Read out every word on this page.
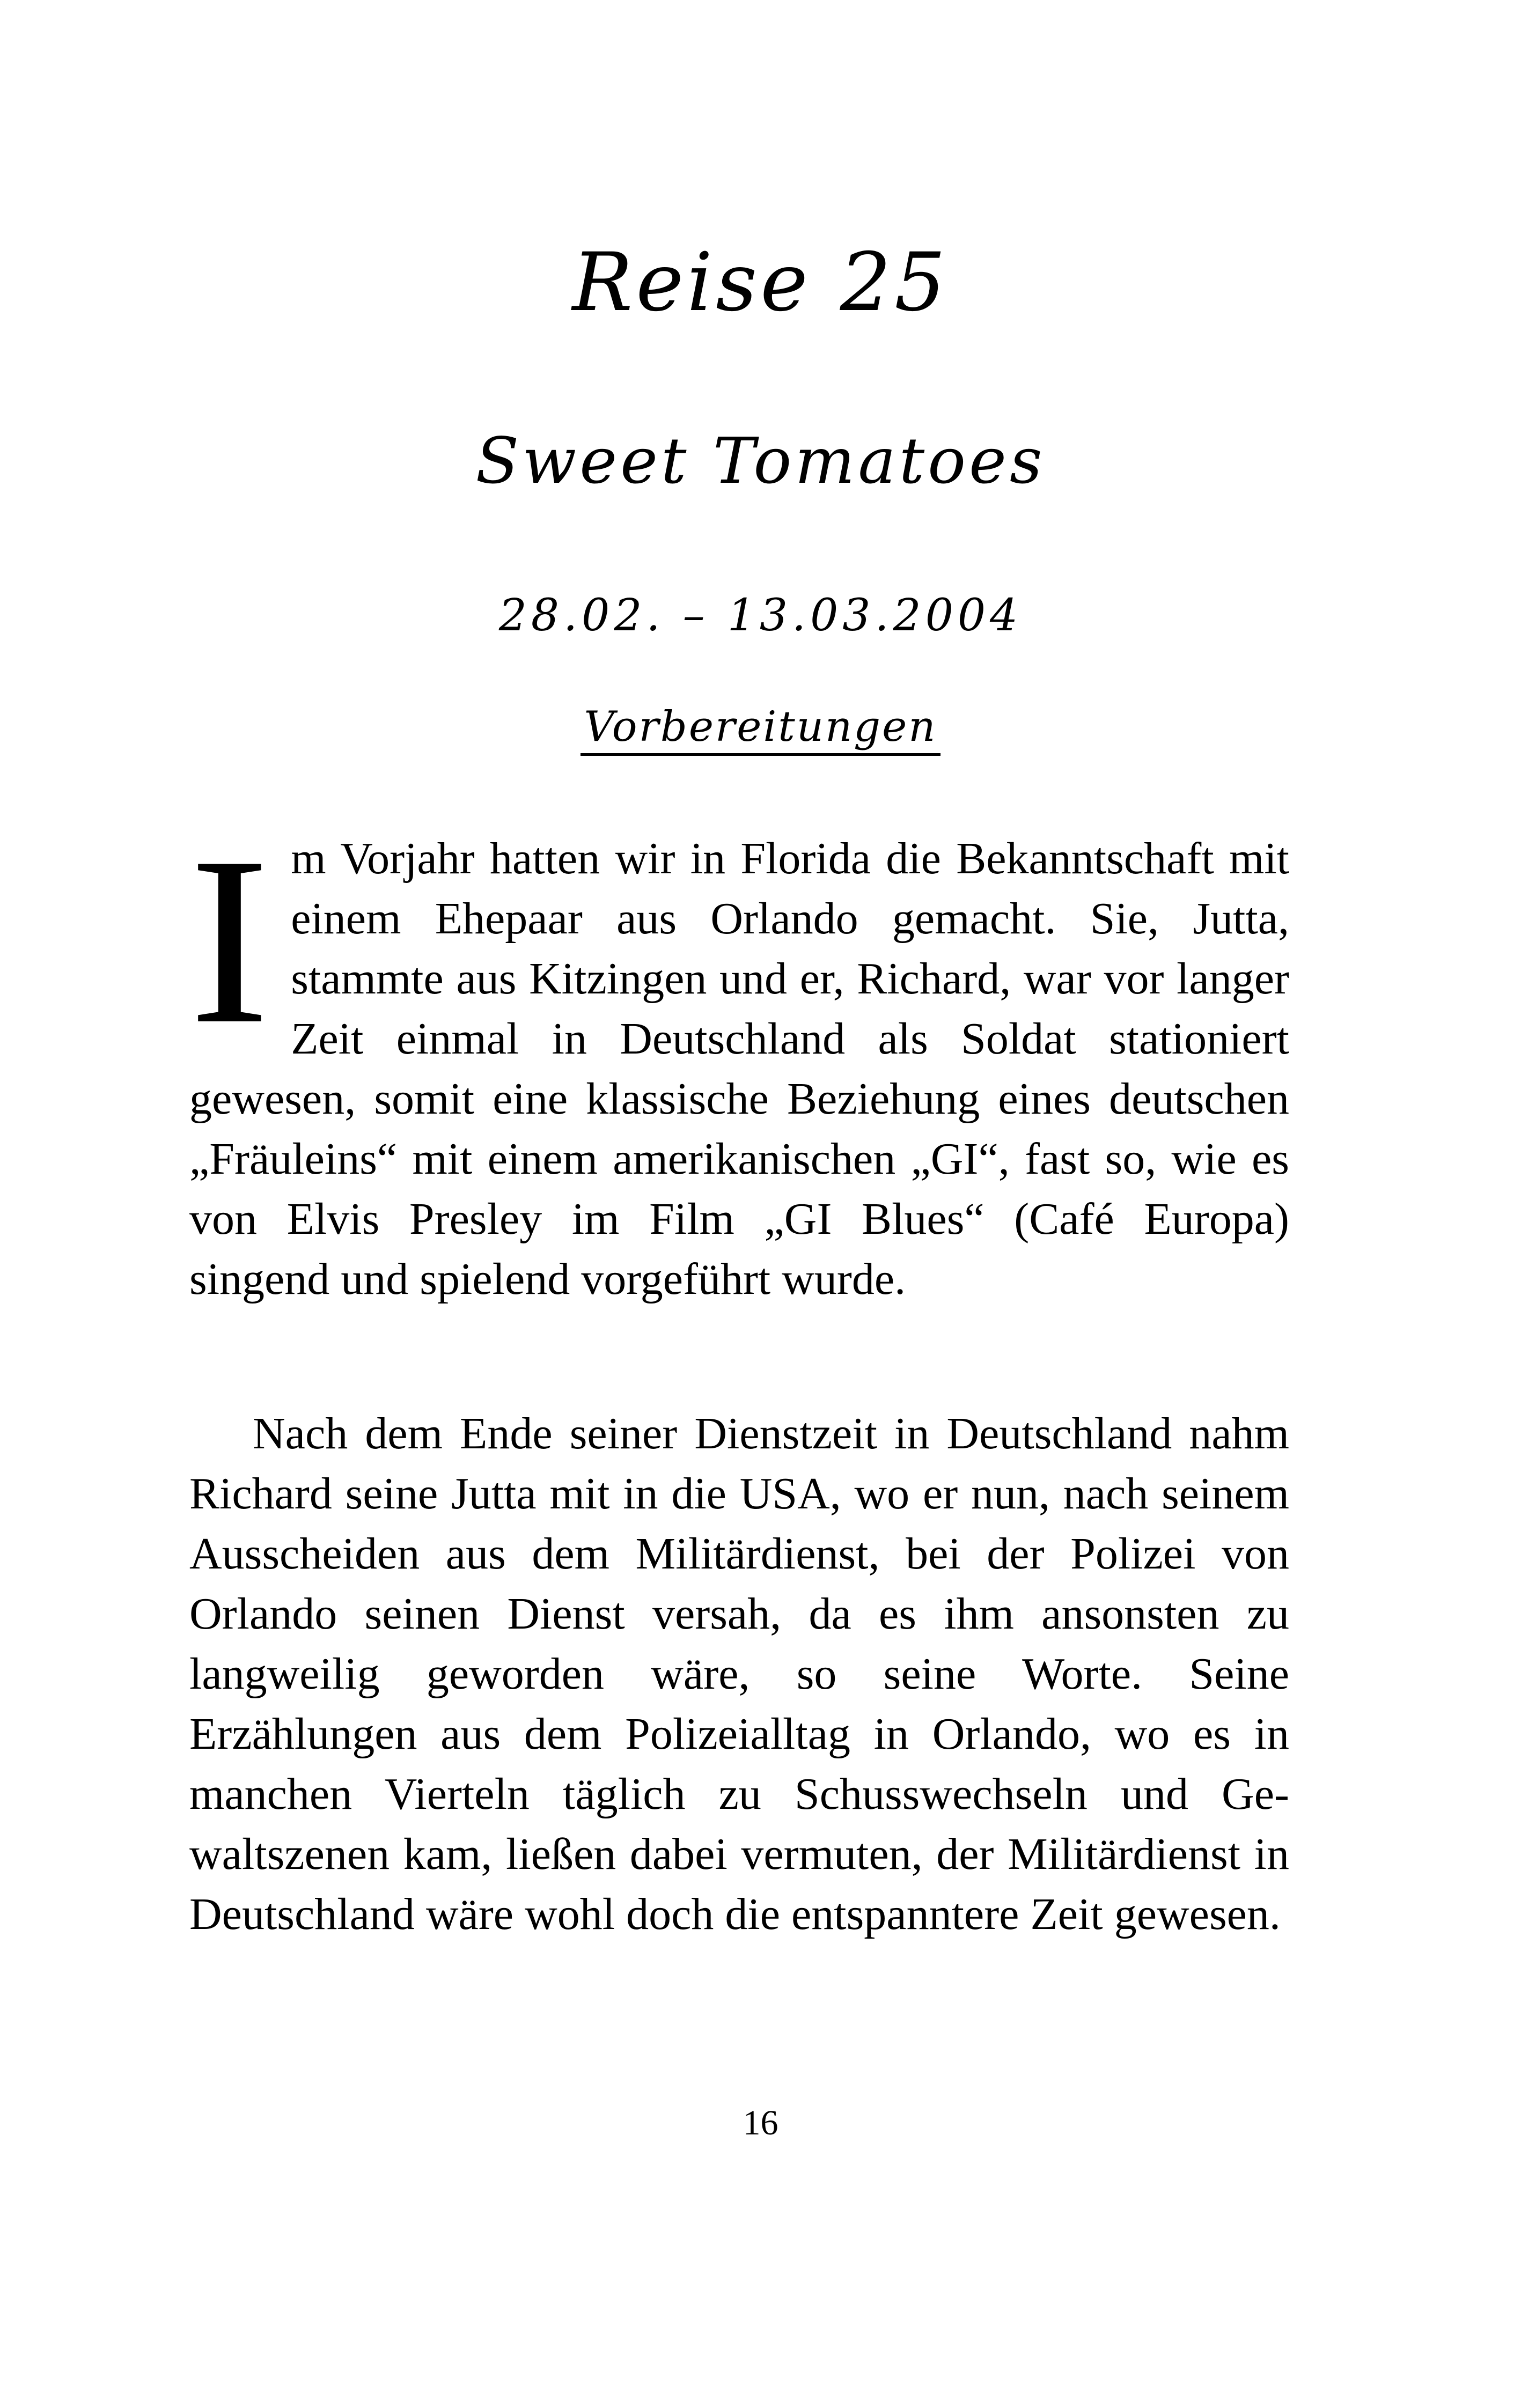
Reise 25
Sweet Tomatoes
28.02. – 13.03.2004
Vorbereitungen

Im Vorjahr hatten wir in Florida die Bekanntschaft mit einem Ehepaar aus Orlando gemacht. Sie, Jutta, stammte aus Kitzingen und er, Richard, war vor langer Zeit einmal in Deutschland als Soldat stationiert gewesen, somit eine klassische Beziehung eines deutschen „Fräuleins“ mit einem amerikanischen „GI“, fast so, wie es von Elvis Presley im Film „GI Blues“ (Café Europa) singend und spielend vorgeführt wurde.

Nach dem Ende seiner Dienstzeit in Deutschland nahm Richard seine Jutta mit in die USA, wo er nun, nach seinem Ausscheiden aus dem Militärdienst, bei der Polizei von Orlando seinen Dienst versah, da es ihm ansonsten zu langweilig geworden wäre, so seine Worte. Seine Erzählungen aus dem Polizeialltag in Orlando, wo es in manchen Vierteln täglich zu Schusswechseln und Gewaltszenen kam, ließen dabei vermuten, der Militärdienst in Deutschland wäre wohl doch die entspanntere Zeit gewesen.

16
